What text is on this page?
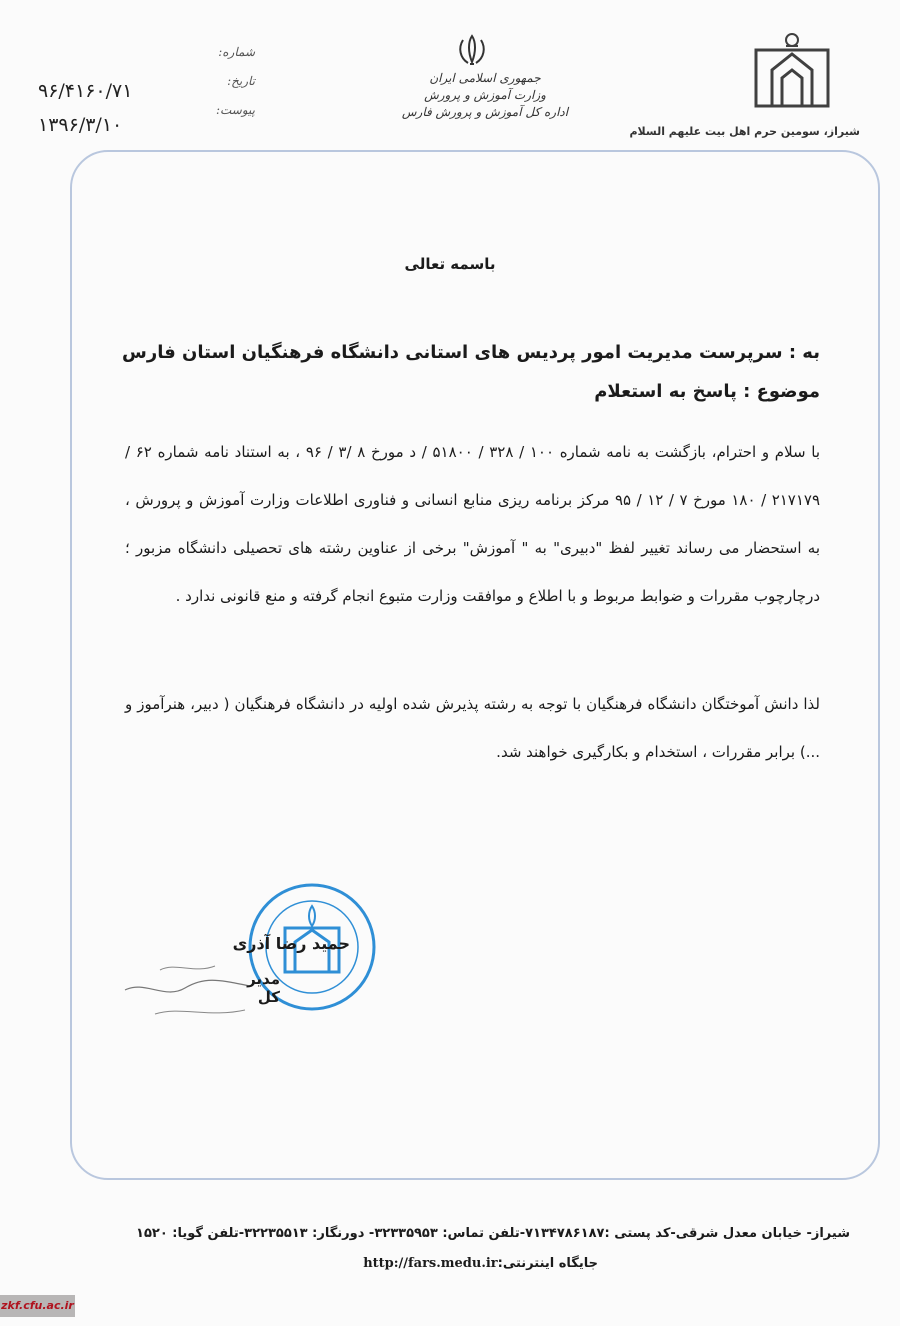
شیراز، سومین حرم اهل بیت علیهم السلام
جمهوری اسلامی ایران
وزارت آموزش و پرورش
اداره کل آموزش و پرورش فارس
شماره:
تاریخ:
پیوست:
۹۶/۴۱۶۰/۷۱
۱۳۹۶/۳/۱۰
باسمه تعالی
به : سرپرست مدیریت امور پردیس های استانی دانشگاه فرهنگیان استان فارس
موضوع : پاسخ به استعلام
با سلام و احترام، بازگشت به نامه شماره ۱۰۰ / ۳۲۸ / ۵۱۸۰۰ / د مورخ ۸ /۳ / ۹۶ ، به استناد نامه شماره ۶۲ / ۲۱۷۱۷۹ / ۱۸۰ مورخ ۷ / ۱۲ / ۹۵ مرکز برنامه ریزی منابع انسانی و فناوری اطلاعات وزارت آموزش و پرورش ، به استحضار می رساند تغییر لفظ "دبیری" به " آموزش" برخی از عناوین رشته های تحصیلی دانشگاه مزبور ؛ درچارچوب مقررات و ضوابط مربوط و با اطلاع و موافقت وزارت متبوع انجام گرفته و منع قانونی ندارد .
لذا دانش آموختگان دانشگاه فرهنگیان با توجه به رشته پذیرش شده اولیه در دانشگاه فرهنگیان ( دبیر، هنرآموز و ...) برابر مقررات ، استخدام و بکارگیری خواهند شد.
حمید رضا آذری
مدیر کل
شیراز- خیابان معدل شرقی-کد پستی :۷۱۳۴۷۸۶۱۸۷-تلفن تماس: ۳۲۳۳۵۹۵۳- دورنگار: ۳۲۲۳۵۵۱۳-تلفن گویا: ۱۵۲۰
جایگاه اینترنتی:http://fars.medu.ir
zkf.cfu.ac.ir
